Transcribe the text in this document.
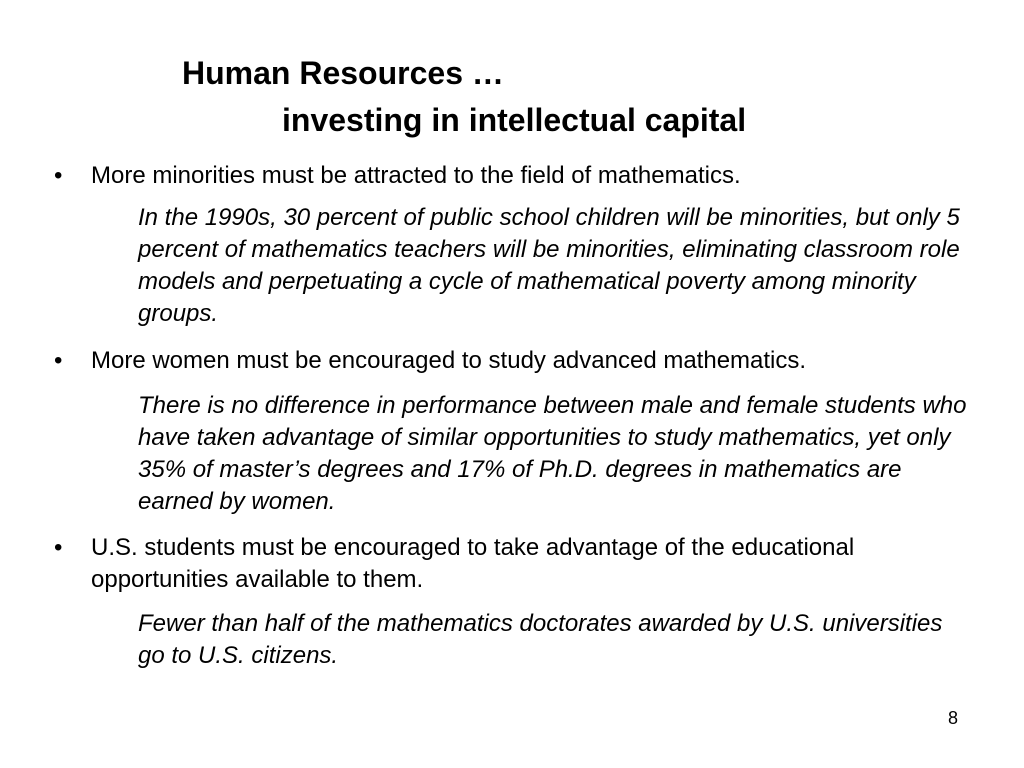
Human Resources …
investing in intellectual capital
• More minorities must be attracted to the field of mathematics.
In the 1990s, 30 percent of public school children will be minorities, but only 5 percent of mathematics teachers will be minorities, eliminating classroom role models and perpetuating a cycle of mathematical poverty among minority groups.
• More women must be encouraged to study advanced mathematics.
There is no difference in performance between male and female students who have taken advantage of similar opportunities to study mathematics, yet only 35% of master’s degrees and 17% of Ph.D. degrees in mathematics are earned by women.
• U.S. students must be encouraged to take advantage of the educational opportunities available to them.
Fewer than half of the mathematics doctorates awarded by U.S. universities go to U.S. citizens.
8
